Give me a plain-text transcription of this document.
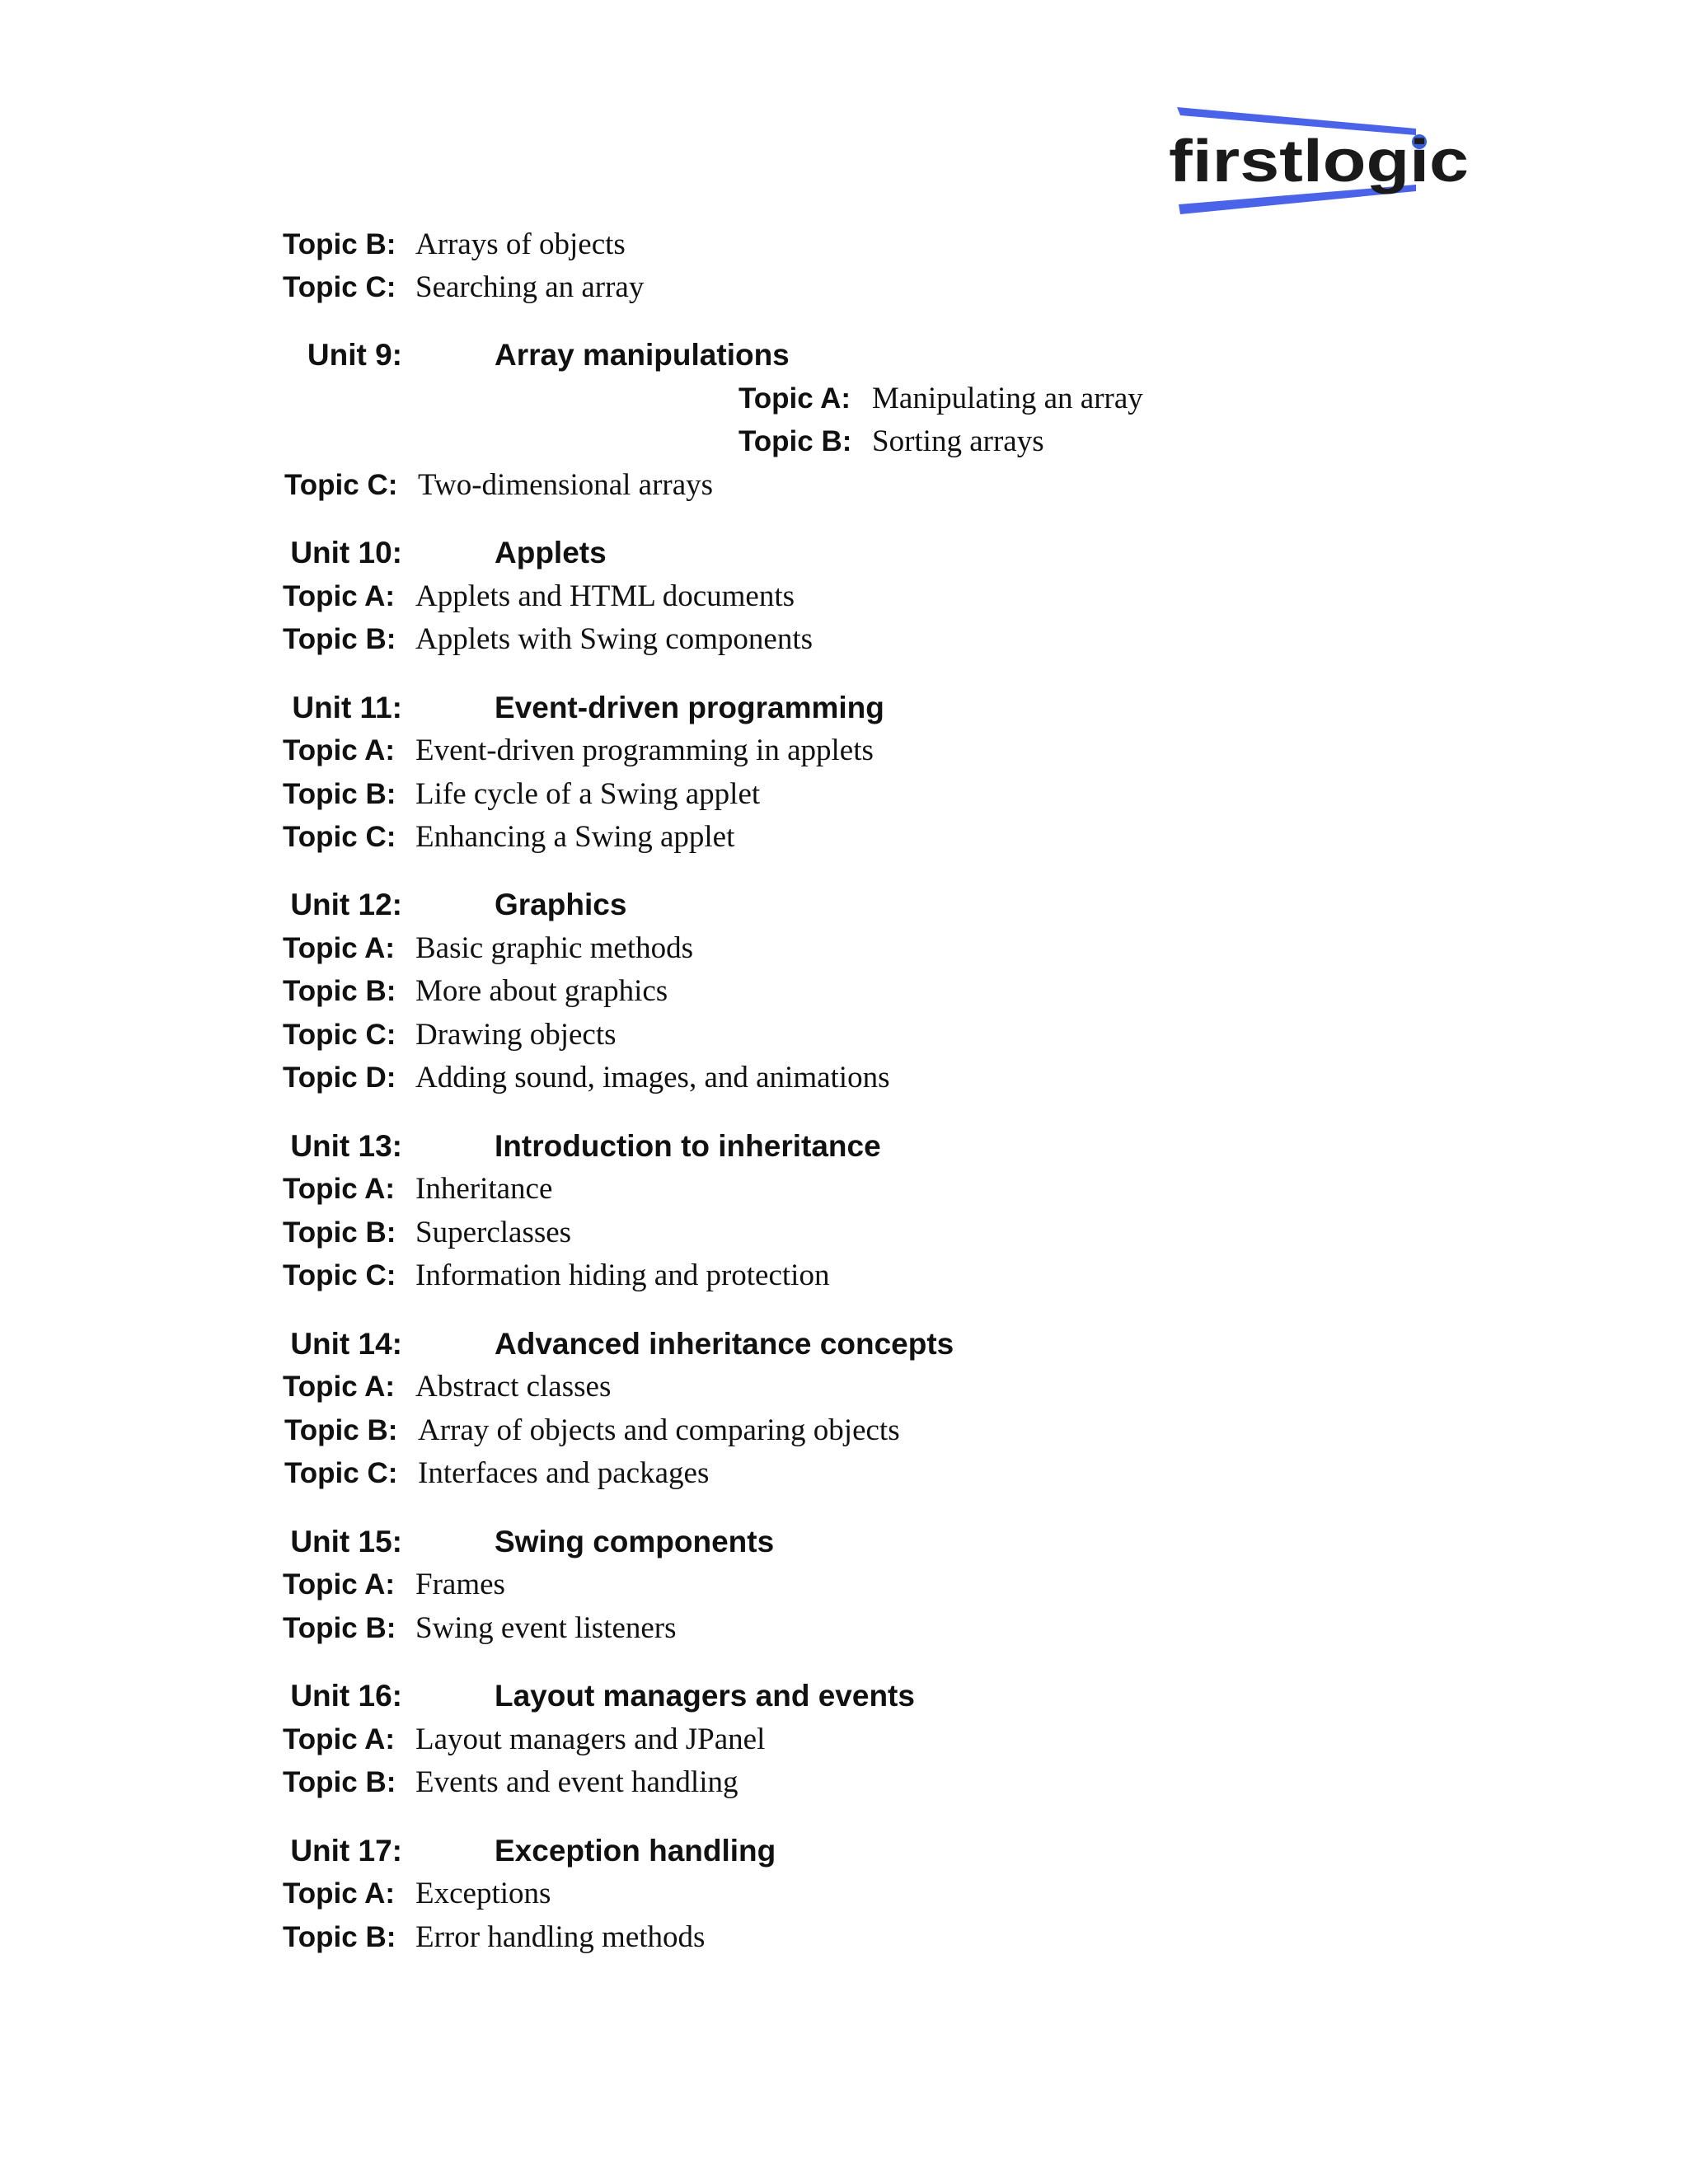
firstlogic
Topic B: Arrays of objects
Topic C: Searching an array
Unit 9:	Array manipulations
Topic A: Manipulating an array
Topic B: Sorting arrays
Topic C: Two-dimensional arrays
Unit 10:	Applets
Topic A: Applets and HTML documents
Topic B: Applets with Swing components
Unit 11:	Event-driven programming
Topic A: Event-driven programming in applets
Topic B: Life cycle of a Swing applet
Topic C: Enhancing a Swing applet
Unit 12:	Graphics
Topic A: Basic graphic methods
Topic B: More about graphics
Topic C: Drawing objects
Topic D: Adding sound, images, and animations
Unit 13:	Introduction to inheritance
Topic A: Inheritance
Topic B: Superclasses
Topic C: Information hiding and protection
Unit 14:	Advanced inheritance concepts
Topic A: Abstract classes
Topic B: Array of objects and comparing objects
Topic C: Interfaces and packages
Unit 15:	Swing components
Topic A: Frames
Topic B: Swing event listeners
Unit 16:	Layout managers and events
Topic A: Layout managers and JPanel
Topic B: Events and event handling
Unit 17:	Exception handling
Topic A: Exceptions
Topic B: Error handling methods
